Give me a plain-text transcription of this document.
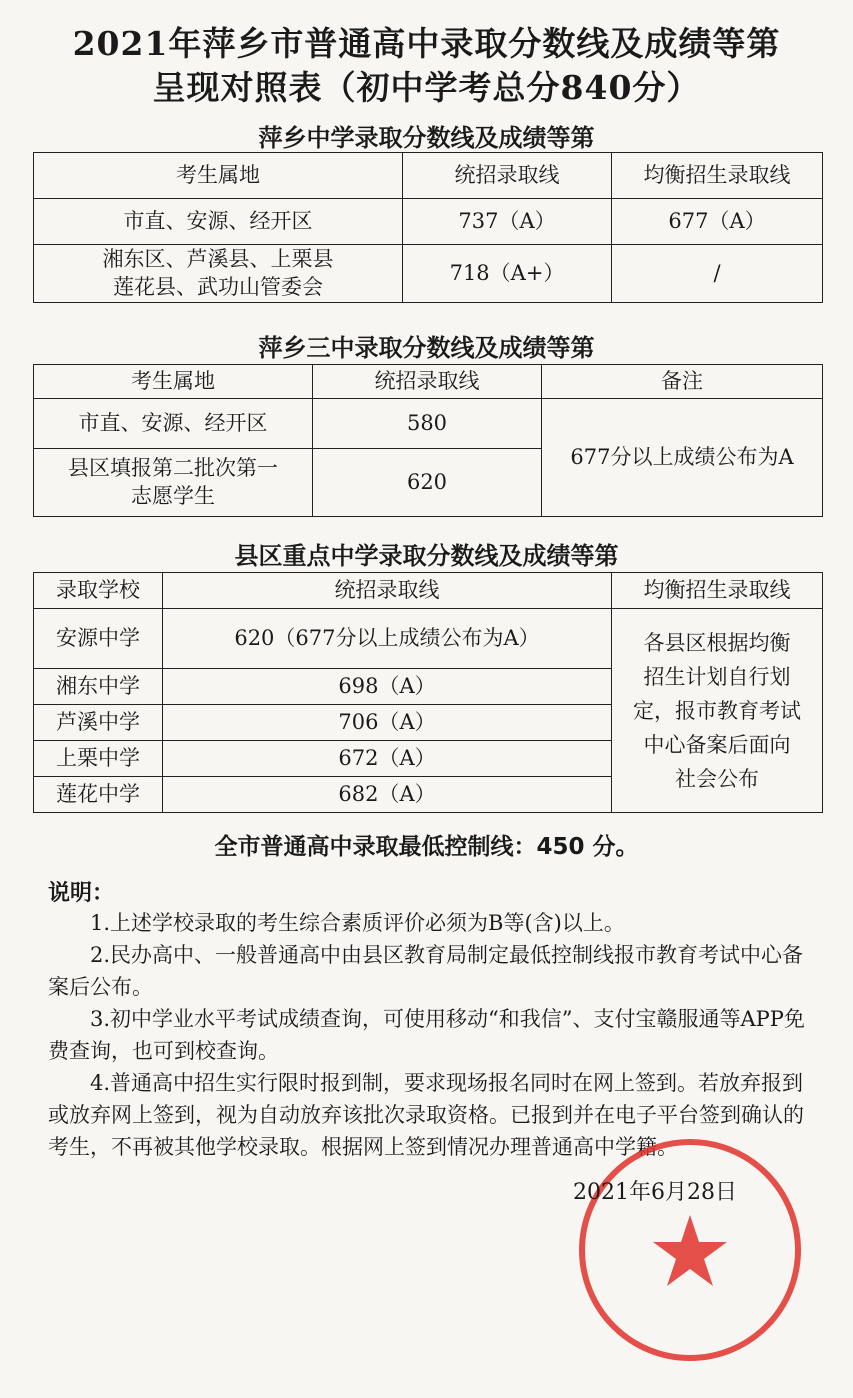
2021年萍乡市普通高中录取分数线及成绩等第
呈现对照表（初中学考总分840分）
萍乡中学录取分数线及成绩等第
考生属地	统招录取线	均衡招生录取线
市直、安源、经开区	737（A）	677（A）

湘东区、芦溪县、上栗县
莲花县、武功山管委会	718（A+）	/
萍乡三中录取分数线及成绩等第
考生属地	统招录取线	备注
市直、安源、经开区	580	677分以上成绩公布为A

县区填报第二批次第一
志愿学生	620	
县区重点中学录取分数线及成绩等第
录取学校	统招录取线	均衡招生录取线
安源中学	620（677分以上成绩公布为A）	各县区根据均衡
招生计划自行划
定，报市教育考试
中心备案后面向
社会公布

湘东中学	698（A）	
芦溪中学	706（A）	
上栗中学	672（A）	
莲花中学	682（A）	
全市普通高中录取最低控制线：450 分。
说明：
1.上述学校录取的考生综合素质评价必须为B等(含)以上。
2.民办高中、一般普通高中由县区教育局制定最低控制线报市教育考试中心备案后公布。
3.初中学业水平考试成绩查询，可使用移动“和我信”、支付宝赣服通等APP免费查询，也可到校查询。
4.普通高中招生实行限时报到制，要求现场报名同时在网上签到。若放弃报到或放弃网上签到，视为自动放弃该批次录取资格。已报到并在电子平台签到确认的考生，不再被其他学校录取。根据网上签到情况办理普通高中学籍。
2021年6月28日
